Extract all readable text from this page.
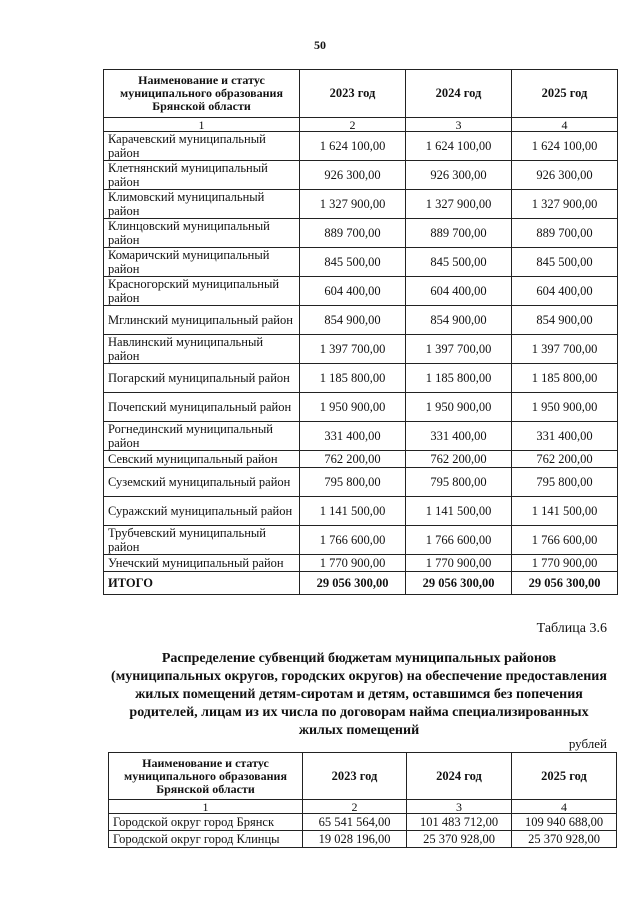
50
Наименование и статус муниципального образования Брянской области	2023 год	2024 год	2025 год
1	2	3	4
Карачевский муниципальный район	1 624 100,00	1 624 100,00	1 624 100,00
Клетнянский муниципальный район	926 300,00	926 300,00	926 300,00
Климовский муниципальный район	1 327 900,00	1 327 900,00	1 327 900,00
Клинцовский муниципальный район	889 700,00	889 700,00	889 700,00
Комаричский муниципальный район	845 500,00	845 500,00	845 500,00
Красногорский муниципальный район	604 400,00	604 400,00	604 400,00
Мглинский муниципальный район	854 900,00	854 900,00	854 900,00
Навлинский муниципальный район	1 397 700,00	1 397 700,00	1 397 700,00
Погарский муниципальный район	1 185 800,00	1 185 800,00	1 185 800,00
Почепский муниципальный район	1 950 900,00	1 950 900,00	1 950 900,00
Рогнединский муниципальный район	331 400,00	331 400,00	331 400,00
Севский муниципальный район	762 200,00	762 200,00	762 200,00
Суземский муниципальный район	795 800,00	795 800,00	795 800,00
Суражский муниципальный район	1 141 500,00	1 141 500,00	1 141 500,00
Трубчевский муниципальный район	1 766 600,00	1 766 600,00	1 766 600,00
Унечский муниципальный район	1 770 900,00	1 770 900,00	1 770 900,00
ИТОГО	29 056 300,00	29 056 300,00	29 056 300,00
Таблица 3.6
Распределение субвенций бюджетам муниципальных районов (муниципальных округов, городских округов) на обеспечение предоставления жилых помещений детям-сиротам и детям, оставшимся без попечения родителей, лицам из их числа по договорам найма специализированных жилых помещений
рублей
Наименование и статус муниципального образования Брянской области	2023 год	2024 год	2025 год
1	2	3	4
Городской округ город Брянск	65 541 564,00	101 483 712,00	109 940 688,00
Городской округ город Клинцы	19 028 196,00	25 370 928,00	25 370 928,00
